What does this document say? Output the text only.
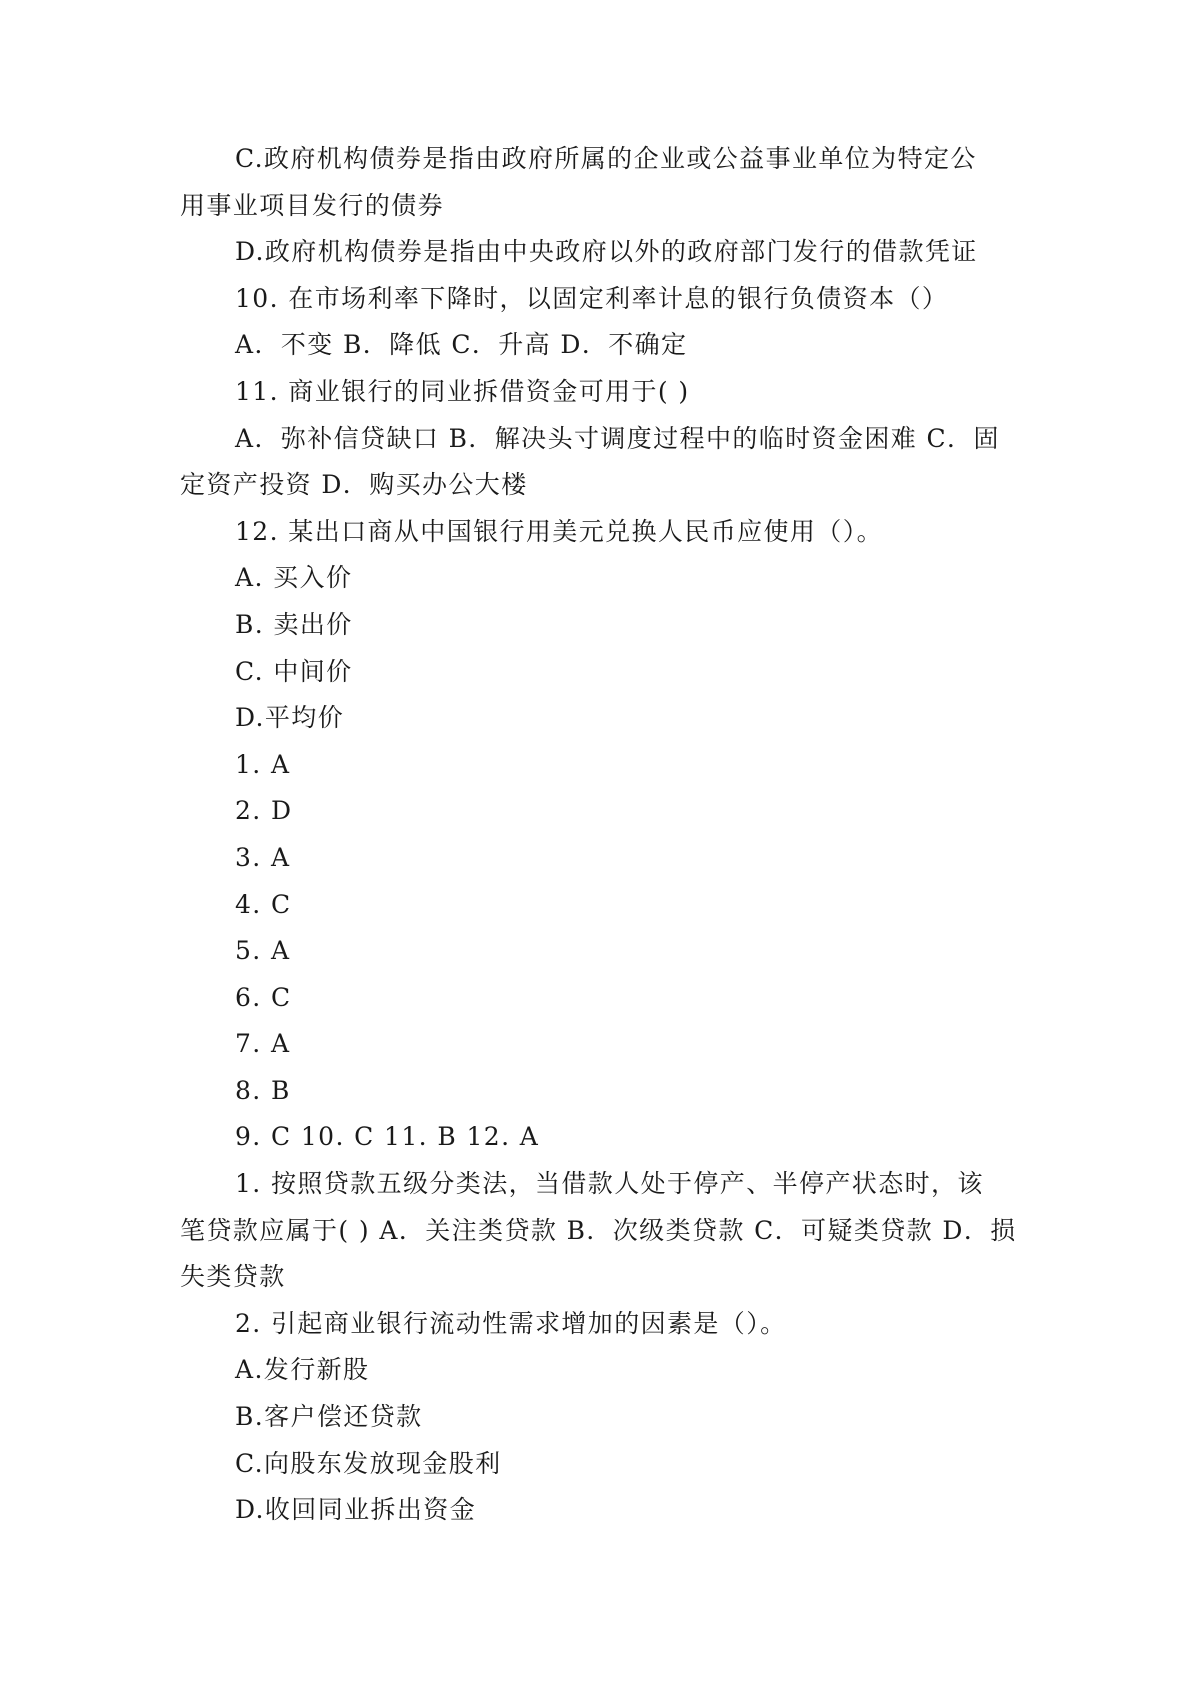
C.政府机构债券是指由政府所属的企业或公益事业单位为特定公
用事业项目发行的债券
D.政府机构债券是指由中央政府以外的政府部门发行的借款凭证
10. 在市场利率下降时，以固定利率计息的银行负债资本（）
A．不变 B．降低 C．升高 D．不确定
11. 商业银行的同业拆借资金可用于( )
A．弥补信贷缺口 B．解决头寸调度过程中的临时资金困难 C．固
定资产投资 D．购买办公大楼
12. 某出口商从中国银行用美元兑换人民币应使用（）。
A. 买入价
B. 卖出价
C. 中间价
D.平均价
1. A
2. D
3. A
4. C
5. A
6. C
7. A
8. B
9. C 10. C 11. B 12. A
1. 按照贷款五级分类法，当借款人处于停产、半停产状态时，该
笔贷款应属于( ) A．关注类贷款 B．次级类贷款 C．可疑类贷款 D．损
失类贷款
2. 引起商业银行流动性需求增加的因素是（）。
A.发行新股
B.客户偿还贷款
C.向股东发放现金股利
D.收回同业拆出资金
